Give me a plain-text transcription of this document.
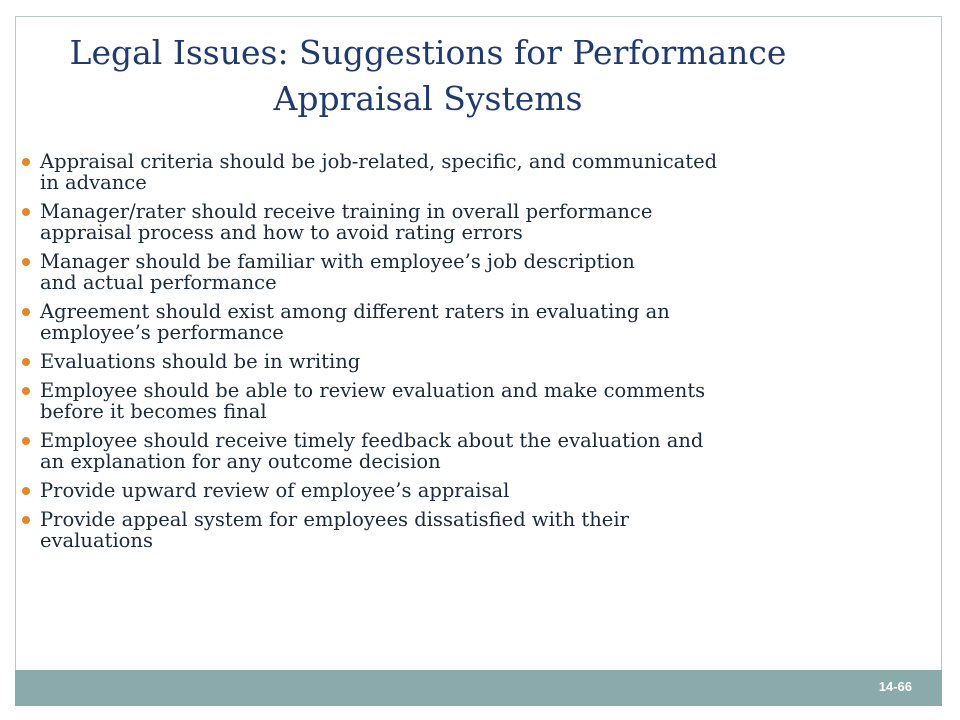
Legal Issues: Suggestions for Performance
Appraisal Systems
Appraisal criteria should be job-related, specific, and communicated
in advance
Manager/rater should receive training in overall performance
appraisal process and how to avoid rating errors
Manager should be familiar with employee’s job description
and actual performance
Agreement should exist among different raters in evaluating an
employee’s performance
Evaluations should be in writing
Employee should be able to review evaluation and make comments
before it becomes final
Employee should receive timely feedback about the evaluation and
an explanation for any outcome decision
Provide upward review of employee’s appraisal
Provide appeal system for employees dissatisfied with their
evaluations
14-66
